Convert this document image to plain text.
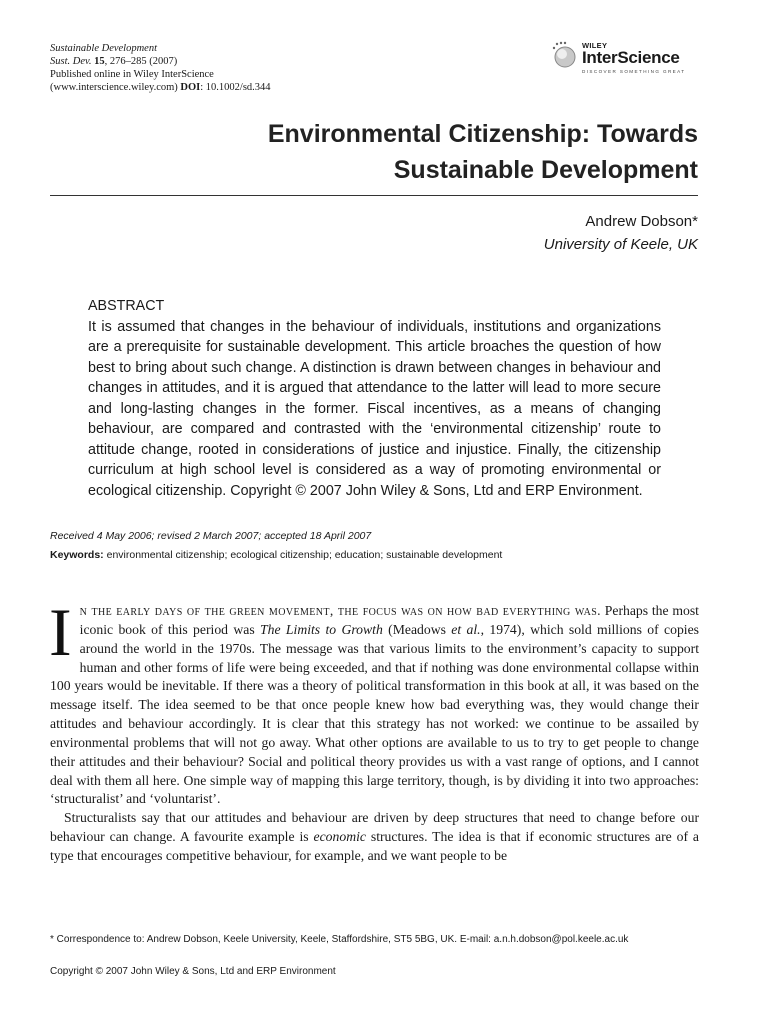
Sustainable Development
Sust. Dev. 15, 276–285 (2007)
Published online in Wiley InterScience
(www.interscience.wiley.com) DOI: 10.1002/sd.344
WILEY
InterScience
DISCOVER SOMETHING GREAT
Environmental Citizenship: Towards
Sustainable Development
Andrew Dobson*
University of Keele, UK
ABSTRACT
It is assumed that changes in the behaviour of individuals, institutions and organizations are a prerequisite for sustainable development. This article broaches the question of how best to bring about such change. A distinction is drawn between changes in behaviour and changes in attitudes, and it is argued that attendance to the latter will lead to more secure and long-lasting changes in the former. Fiscal incentives, as a means of changing behaviour, are compared and contrasted with the ‘environmental citizenship’ route to attitude change, rooted in considerations of justice and injustice. Finally, the citizenship curriculum at high school level is considered as a way of promoting environmental or ecological citizenship. Copyright © 2007 John Wiley & Sons, Ltd and ERP Environment.
Received 4 May 2006; revised 2 March 2007; accepted 18 April 2007
Keywords: environmental citizenship; ecological citizenship; education; sustainable development

I n the early days of the green movement, the focus was on how bad everything was. Perhaps the most iconic book of this period was The Limits to Growth (Meadows et al., 1974), which sold millions of copies around the world in the 1970s. The message was that various limits to the environment’s capacity to support human and other forms of life were being exceeded, and that if nothing was done environmental collapse within 100 years would be inevitable. If there was a theory of political transformation in this book at all, it was based on the message itself. The idea seemed to be that once people knew how bad everything was, they would change their attitudes and behaviour accordingly. It is clear that this strategy has not worked: we continue to be assailed by environmental problems that will not go away. What other options are available to us to try to get people to change their attitudes and their behaviour? Social and political theory provides us with a vast range of options, and I cannot deal with them all here. One simple way of mapping this large territory, though, is by dividing it into two approaches: ‘structuralist’ and ‘voluntarist’.

Structuralists say that our attitudes and behaviour are driven by deep structures that need to change before our behaviour can change. A favourite example is economic structures. The idea is that if economic structures are of a type that encourages competitive behaviour, for example, and we want people to be

* Correspondence to: Andrew Dobson, Keele University, Keele, Staffordshire, ST5 5BG, UK. E-mail: a.n.h.dobson@pol.keele.ac.uk
Copyright © 2007 John Wiley & Sons, Ltd and ERP Environment
